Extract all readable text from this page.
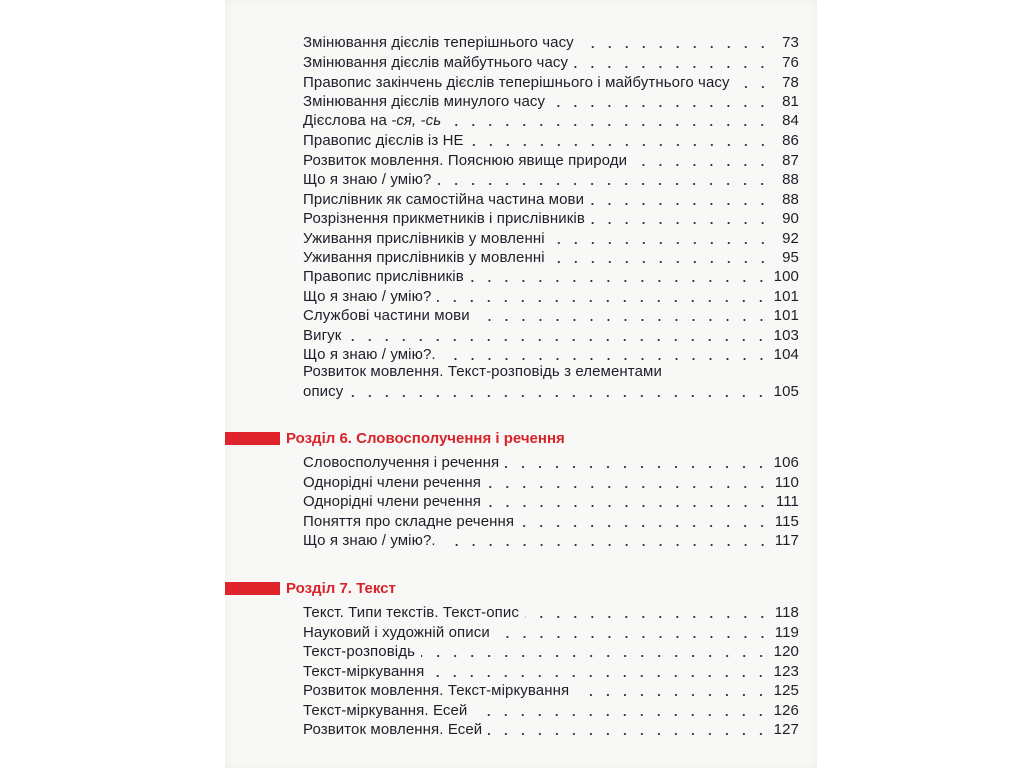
Змінювання дієслів теперішнього часу	73
Змінювання дієслів майбутнього часу	76
Правопис закінчень дієслів теперішнього і майбутнього часу	78
Змінювання дієслів минулого часу	81
Дієслова на -ся, -сь	84
Правопис дієслів із НЕ	86
Розвиток мовлення. Пояснюю явище природи	87
Що я знаю / умію?	88
Прислівник як самостійна частина мови	88
Розрізнення прикметників і прислівників	90
Уживання прислівників у мовленні	92
Уживання прислівників у мовленні	95
Правопис прислівників	100
Що я знаю / умію?	101
Службові частини мови	101
Вигук	103
Що я знаю / умію?.	104
Розвиток мовлення. Текст-розповідь з елементами
опису	105
Розділ 6. Словосполучення і речення
Словосполучення і речення	106
Однорідні члени речення	110
Однорідні члени речення	111
Поняття про складне речення	115
Що я знаю / умію?.	117
Розділ 7. Текст
Текст. Типи текстів. Текст-опис	118
Науковий і художній описи	119
Текст-розповідь	120
Текст-міркування	123
Розвиток мовлення. Текст-міркування	125
Текст-міркування. Есей	126
Розвиток мовлення. Есей	127
